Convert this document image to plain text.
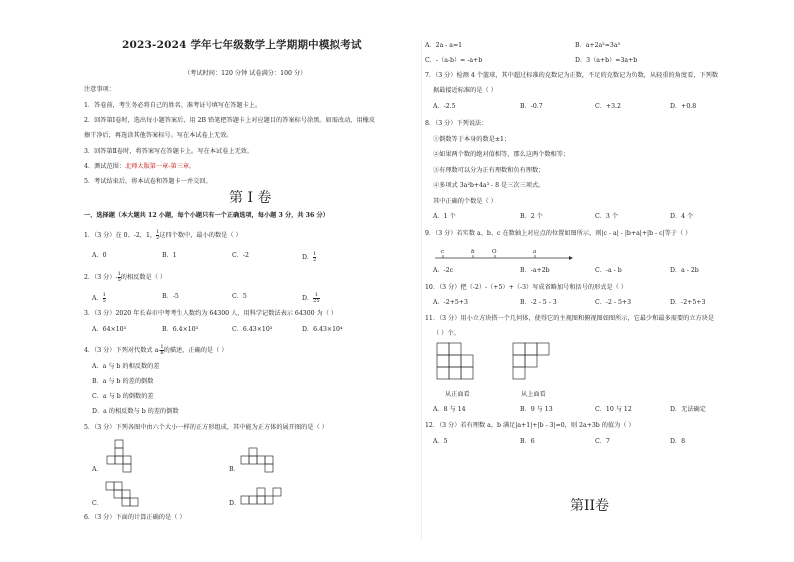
2023-2024 学年七年级数学上学期期中模拟考试
（考试时间：120 分钟 试卷满分：100 分）
注意事项：
1．答卷前，考生务必将自己的姓名、准考证号填写在答题卡上。
2．回答第Ⅰ卷时，选出每小题答案后，用 2B 铅笔把答题卡上对应题目的答案标号涂黑。如需改动，用橡皮
擦干净后，再选涂其他答案标号。写在本试卷上无效。
3．回答第Ⅱ卷时，将答案写在答题卡上。写在本试卷上无效。
4．测试范围：北师大版第一章-第三章。
5．考试结束后，将本试卷和答题卡一并交回。
第 I 卷
一、选择题（本大题共 12 小题，每个小题只有一个正确选项，每小题 3 分，共 36 分）
1．（3 分）在 0、-2，1， $\frac{1}{2}$ 这四个数中，最小的数是（ ）
A．0	B．1	C．-2	D． $\frac{1}{2}$
2．（3 分）- $\frac{1}{5}$ 的相反数是（ ）
A． $\frac{1}{5}$	B．-5	C．5	D． $\frac{1}{25}$
3．（3 分）2020 年长春市中考考生人数约为 64300 人，用科学记数法表示 64300 为（ ）
A．64×10³	B．6.4×10³	C．6.43×10³	D．6.43×10⁴
4．（3 分）下列对代数式 $a- \frac{1}{b}$ 的描述，正确的是（ ）
A．a 与 b 的相反数的差
B．a 与 b 的差的倒数
C．a 与 b 的倒数的差
D．a 的相反数与 b 的差的倒数
5．（3 分）下列各图中由六个大小一样的正方形组成，其中能为正方体的展开图的是（ ）
A．	B．
C．	D．
6．（3 分）下面的计算正确的是（ ）
A．2a - a=1	B．a+2a²=3a³
C．-（a-b）= -a+b	D．3（a+b）=3a+b
7．（3 分）检测 4 个篮球，其中超过标准的克数记为正数，不足的克数记为负数，从轻重的角度看，下列数
据最接近标准的是（ ）
A．-2.5	B．-0.7	C．+3.2	D．+0.8
8．（3 分）下列说法：
①倒数等于本身的数是±1；
②如果两个数的绝对值相等，那么这两个数相等；
③有理数可以分为正有理数和负有理数；
④多项式 3a²b+4a³ - 8 是三次三项式。
其中正确的个数是（ ）
A．1 个	B．2 个	C．3 个	D．4 个
9．（3 分）若实数 a、b、c 在数轴上对应点的位置如图所示，则|c - a| - |b+a|+|b - c|等于（ ）
c	b	O	a
A．-2c	B．-a+2b	C．-a - b	D．a - 2b
10．（3 分）把（-2）-（+5）+（-3）写成省略加号和括号的形式是（ ）
A．-2+5+3	B．-2 - 5 - 3	C．-2 - 5+3	D．-2+5+3
11．（3 分）用小立方块搭一个几何体，使得它的主视图和俯视图如图所示，它最少和最多需要的立方块是
（ ）个。
从正面看	从上面看
A．8 与 14	B．9 与 13	C．10 与 12	D．无法确定
12．（3 分）若有理数 a，b 满足|a+1|+|b - 3|=0，则 2a+3b 的值为（ ）
A．5	B．6	C．7	D．8
第II卷
